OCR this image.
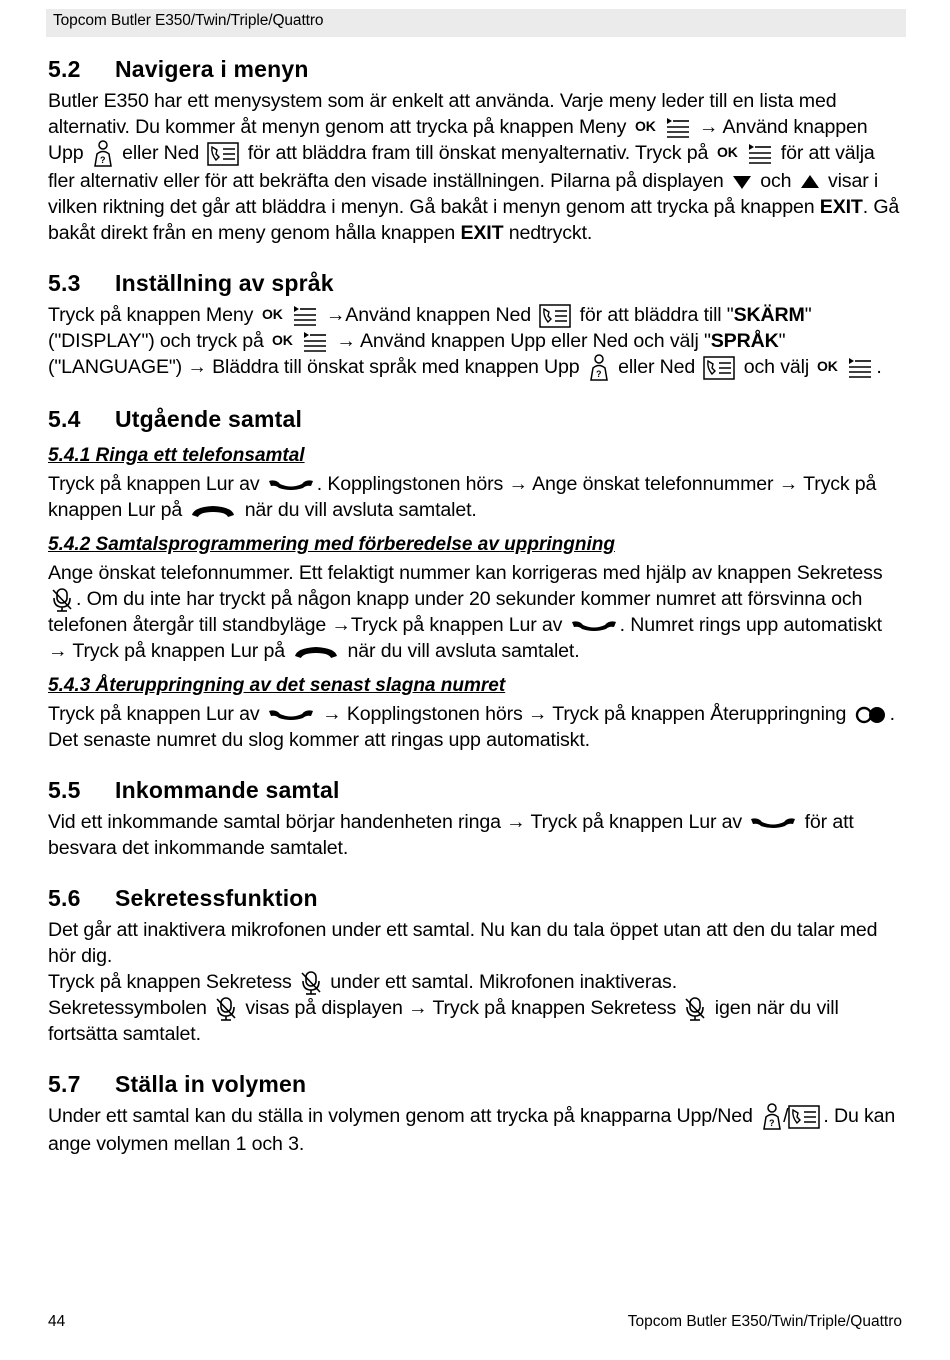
Topcom Butler E350/Twin/Triple/Quattro
5.2 Navigera i menyn

Butler E350 har ett menysystem som är enkelt att använda. Varje meny leder till en lista med alternativ. Du kommer åt menyn genom att trycka på knappen Meny	→ Använd knappen Upp eller Ned för att bläddra fram till önskat menyalternativ. Tryck på	för att välja fler alternativ eller för att bekräfta den visade inställningen. Pilarna på displayen och visar i vilken riktning det går att bläddra i menyn. Gå bakåt i menyn genom att trycka på knappen EXIT. Gå bakåt direkt från en meny genom hålla knappen EXIT nedtryckt.

5.3 Inställning av språk

Tryck på knappen Meny	→Använd knappen Ned för att bläddra till "SKÄRM" ("DISPLAY") och tryck på	→ Använd knappen Upp eller Ned och välj "SPRÅK" ("LANGUAGE") → Bläddra till önskat språk med knappen Upp eller Ned och välj	.

5.4 Utgående samtal
5.4.1 Ringa ett telefonsamtal

Tryck på knappen Lur av	. Kopplingstonen hörs → Ange önskat telefonnummer → Tryck på knappen Lur på	när du vill avsluta samtalet.

5.4.2 Samtalsprogrammering med förberedelse av uppringning

Ange önskat telefonnummer. Ett felaktigt nummer kan korrigeras med hjälp av knappen Sekretess
. Om du inte har tryckt på någon knapp under 20 sekunder kommer numret att försvinna och telefonen återgår till standbyläge →Tryck på knappen Lur av	. Numret rings upp automatiskt → Tryck på knappen Lur på	när du vill avsluta samtalet.

5.4.3 Återuppringning av det senast slagna numret

Tryck på knappen Lur av	→ Kopplingstonen hörs → Tryck på knappen Återuppringning . Det senaste numret du slog kommer att ringas upp automatiskt.

5.5 Inkommande samtal

Vid ett inkommande samtal börjar handenheten ringa → Tryck på knappen Lur av	för att besvara det inkommande samtalet.

5.6 Sekretessfunktion

Det går att inaktivera mikrofonen under ett samtal. Nu kan du tala öppet utan att den du talar med hör dig.

Tryck på knappen Sekretess under ett samtal. Mikrofonen inaktiveras.

Sekretessymbolen visas på displayen → Tryck på knappen Sekretess igen när du vill fortsätta samtalet.

5.7 Ställa in volymen

Under ett samtal kan du ställa in volymen genom att trycka på knapparna Upp/Ned / . Du kan ange volymen mellan 1 och 3.

44	Topcom Butler E350/Twin/Triple/Quattro
